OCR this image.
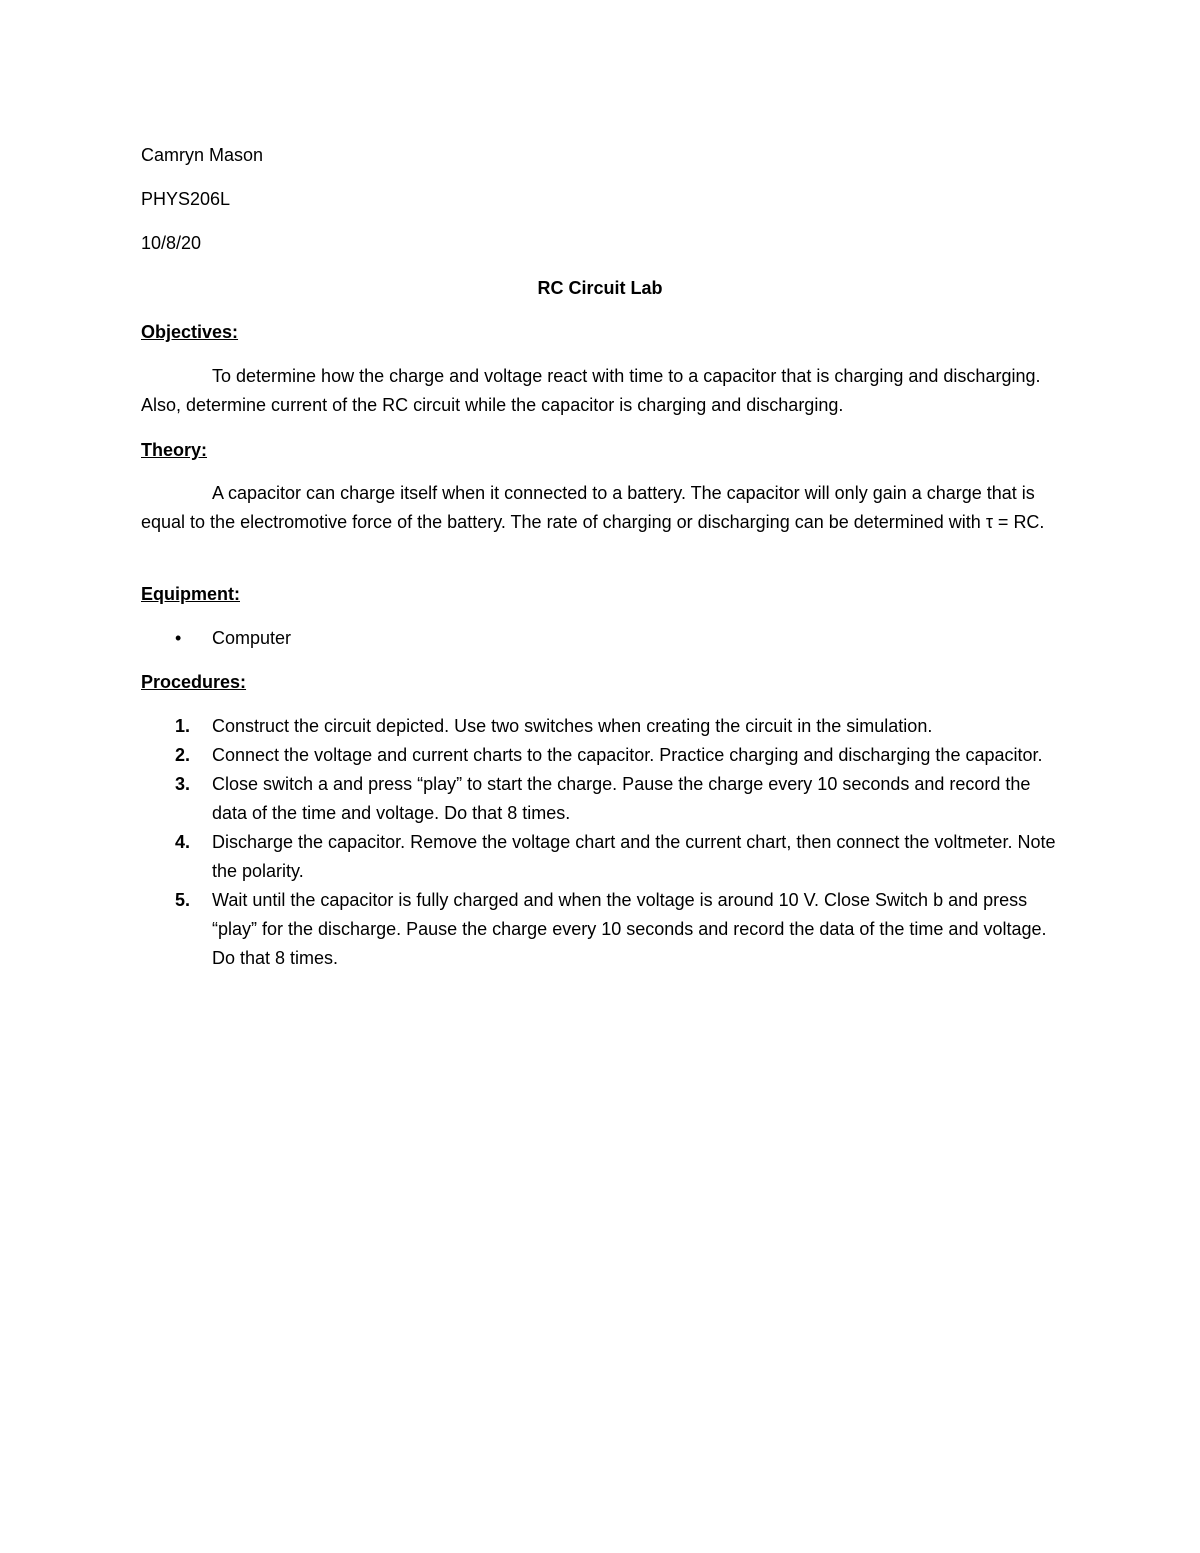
Camryn Mason
PHYS206L
10/8/20
RC Circuit Lab
Objectives:
To determine how the charge and voltage react with time to a capacitor that is charging and discharging. Also, determine current of the RC circuit while the capacitor is charging and discharging.
Theory:
A capacitor can charge itself when it connected to a battery. The capacitor will only gain a charge that is equal to the electromotive force of the battery. The rate of charging or discharging can be determined with τ = RC.
Equipment:
• Computer
Procedures:
1. Construct the circuit depicted. Use two switches when creating the circuit in the simulation.
2. Connect the voltage and current charts to the capacitor. Practice charging and discharging the capacitor.
3. Close switch a and press “play” to start the charge. Pause the charge every 10 seconds and record the data of the time and voltage. Do that 8 times.
4. Discharge the capacitor. Remove the voltage chart and the current chart, then connect the voltmeter. Note the polarity.
5. Wait until the capacitor is fully charged and when the voltage is around 10 V. Close Switch b and press “play” for the discharge. Pause the charge every 10 seconds and record the data of the time and voltage. Do that 8 times.
